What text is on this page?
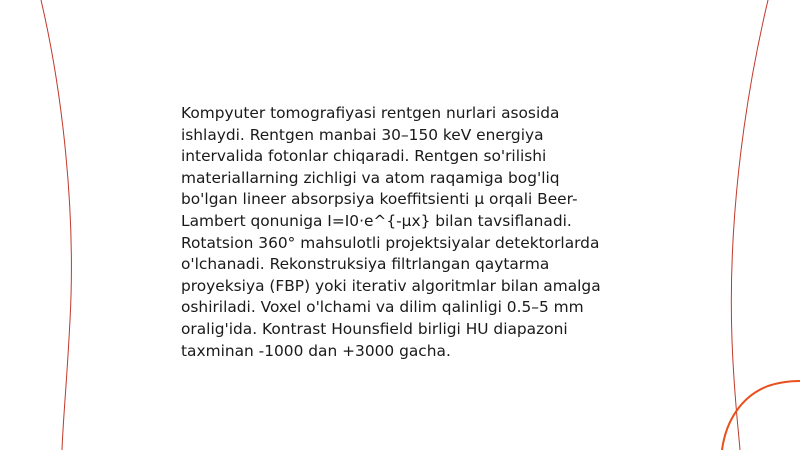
Kompyuter tomografiyasi rentgen nurlari asosida ishlaydi. Rentgen manbai 30–150 keV energiya intervalida fotonlar chiqaradi. Rentgen so'rilishi materiallarning zichligi va atom raqamiga bog'liq bo'lgan lineer absorpsiya koeffitsienti μ orqali Beer-Lambert qonuniga I=I0·e^{-μx} bilan tavsiflanadi. Rotatsion 360° mahsulotli projektsiyalar detektorlarda o'lchanadi. Rekonstruksiya filtrlangan qaytarma proyeksiya (FBP) yoki iterativ algoritmlar bilan amalga oshiriladi. Voxel o'lchami va dilim qalinligi 0.5–5 mm oralig'ida. Kontrast Hounsfield birligi HU diapazoni taxminan -1000 dan +3000 gacha.
